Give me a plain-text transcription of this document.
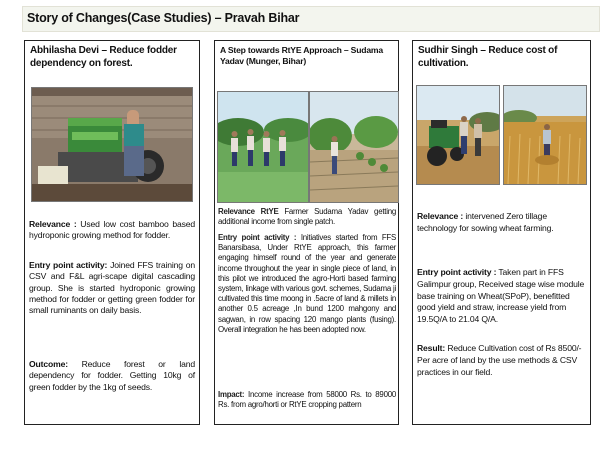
Story of Changes(Case Studies) – Pravah Bihar
Abhilasha Devi – Reduce fodder dependency on forest.
Relevance : Used low cost bamboo based hydroponic growing method for fodder.
Entry point activity: Joined FFS training on CSV and F&L agri-scape digital cascading group. She is started hydroponic growing method for fodder or getting green fodder for small ruminants on daily basis.
Outcome: Reduce forest or land dependency for fodder. Getting 10kg of green fodder by the 1kg of seeds.
A Step towards RtYE Approach – Sudama Yadav (Munger, Bihar)
Relevance RtYE Farmer Sudama Yadav getting additional income from single patch.
Entry point activity : Initiatives started from FFS Banarsibasa, Under RtYE approach, this farmer engaging himself round of the year and generate income throughout the year in single piece of land, in this pilot we introduced the agro-Horti based farming system, linkage with various govt. schemes, Sudama ji cultivated this time moong in .5acre of land & millets in another 0.5 acreage ,In bund 1200 mahgony and sagwan, in row spacing 120 mango plants (fusing). Overall integration he has been adopted now.
Impact: Income increase from 58000 Rs. to 89000 Rs. from agro/horti or RtYE cropping pattern
Sudhir Singh – Reduce cost of cultivation.
Relevance : intervened Zero tillage technology for sowing wheat farming.
Entry point activity : Taken part in FFS Galimpur group, Received stage wise module base training on Wheat(SPoP), benefitted good yield and straw, increase yield from 19.5Q/A to 21.04 Q/A.
Result: Reduce Cultivation cost of Rs 8500/- Per acre of land by the use methods & CSV practices in our field.
